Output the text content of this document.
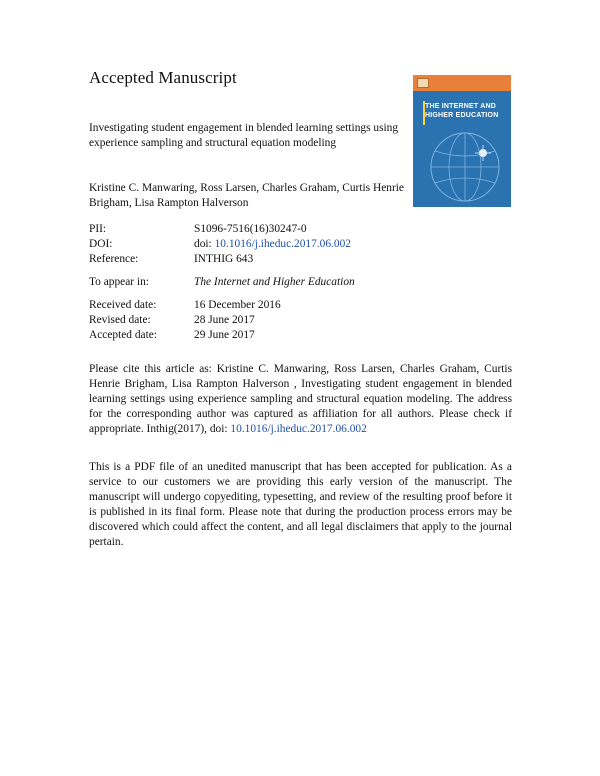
Accepted Manuscript
Investigating student engagement in blended learning settings using experience sampling and structural equation modeling
THE INTERNET AND HIGHER EDUCATION
Kristine C. Manwaring, Ross Larsen, Charles Graham, Curtis Henrie Brigham, Lisa Rampton Halverson
PII:	S1096-7516(16)30247-0
DOI:	doi: 10.1016/j.iheduc.2017.06.002
Reference:	INTHIG 643
To appear in:	The Internet and Higher Education
Received date:	16 December 2016
Revised date:	28 June 2017
Accepted date:	29 June 2017
Please cite this article as: Kristine C. Manwaring, Ross Larsen, Charles Graham, Curtis Henrie Brigham, Lisa Rampton Halverson , Investigating student engagement in blended learning settings using experience sampling and structural equation modeling. The address for the corresponding author was captured as affiliation for all authors. Please check if appropriate. Inthig(2017), doi: 10.1016/j.iheduc.2017.06.002
This is a PDF file of an unedited manuscript that has been accepted for publication. As a service to our customers we are providing this early version of the manuscript. The manuscript will undergo copyediting, typesetting, and review of the resulting proof before it is published in its final form. Please note that during the production process errors may be discovered which could affect the content, and all legal disclaimers that apply to the journal pertain.
